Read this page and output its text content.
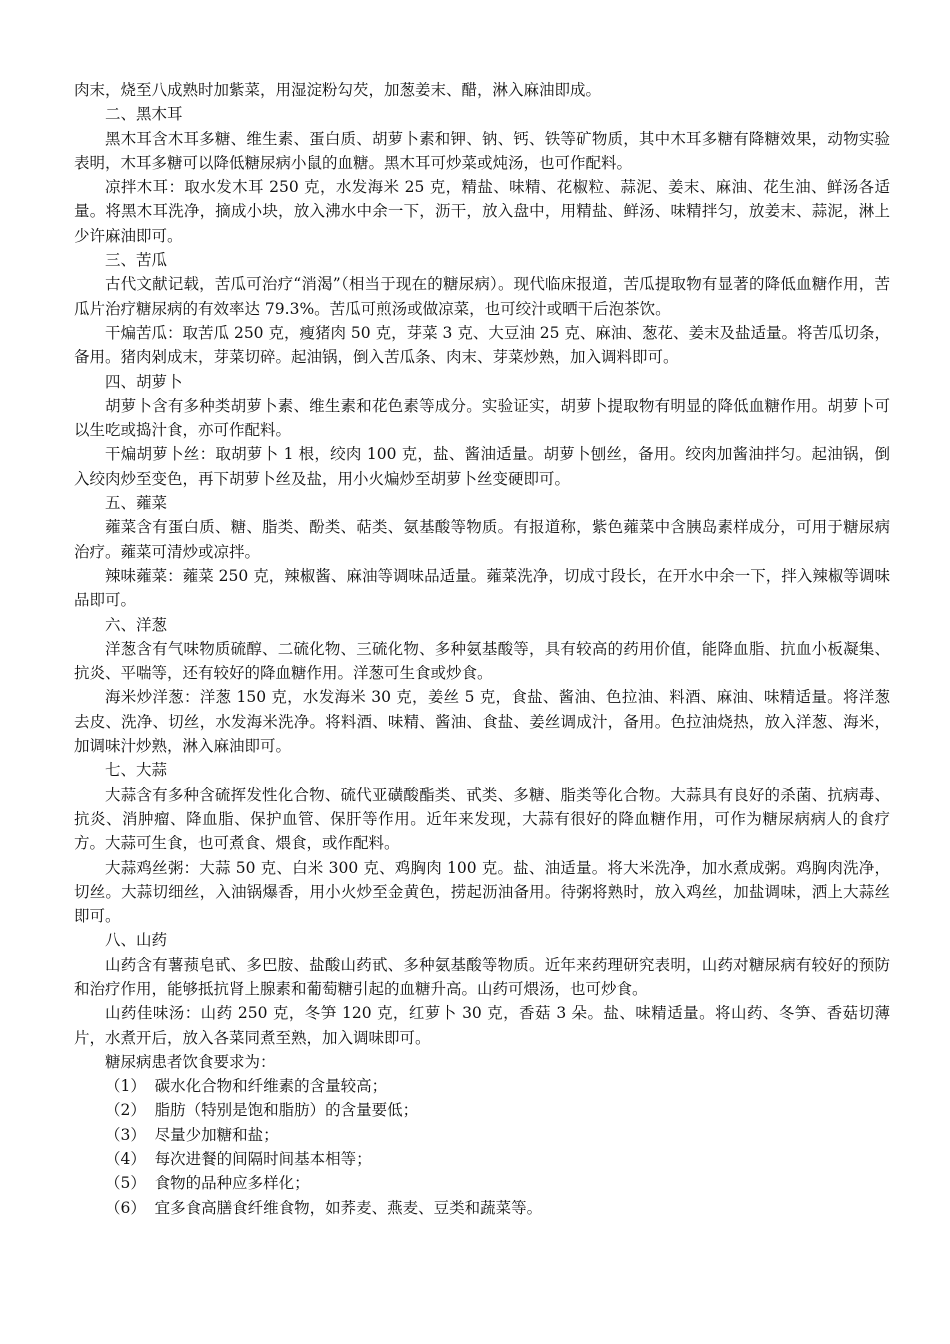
肉末，烧至八成熟时加紫菜，用湿淀粉勾芡，加葱姜末、醋，淋入麻油即成。

二、黑木耳

黑木耳含木耳多糖、维生素、蛋白质、胡萝卜素和钾、钠、钙、铁等矿物质，其中木耳多糖有降糖效果，动物实验表明，木耳多糖可以降低糖尿病小鼠的血糖。黑木耳可炒菜或炖汤，也可作配料。

凉拌木耳：取水发木耳 250 克，水发海米 25 克，精盐、味精、花椒粒、蒜泥、姜末、麻油、花生油、鲜汤各适量。将黑木耳洗净，摘成小块，放入沸水中余一下，沥干，放入盘中，用精盐、鲜汤、味精拌匀，放姜末、蒜泥，淋上少许麻油即可。

三、苦瓜

古代文献记载，苦瓜可治疗“消渴”（相当于现在的糖尿病）。现代临床报道，苦瓜提取物有显著的降低血糖作用，苦瓜片治疗糖尿病的有效率达 79.3%。苦瓜可煎汤或做凉菜，也可绞汁或晒干后泡茶饮。

干煸苦瓜：取苦瓜 250 克，瘦猪肉 50 克，芽菜 3 克、大豆油 25 克、麻油、葱花、姜末及盐适量。将苦瓜切条，备用。猪肉剁成末，芽菜切碎。起油锅，倒入苦瓜条、肉末、芽菜炒熟，加入调料即可。

四、胡萝卜

胡萝卜含有多种类胡萝卜素、维生素和花色素等成分。实验证实，胡萝卜提取物有明显的降低血糖作用。胡萝卜可以生吃或捣汁食，亦可作配料。

干煸胡萝卜丝：取胡萝卜 1 根，绞肉 100 克，盐、酱油适量。胡萝卜刨丝，备用。绞肉加酱油拌匀。起油锅，倒入绞肉炒至变色，再下胡萝卜丝及盐，用小火煸炒至胡萝卜丝变硬即可。

五、蕹菜

蕹菜含有蛋白质、糖、脂类、酚类、萜类、氨基酸等物质。有报道称，紫色蕹菜中含胰岛素样成分，可用于糖尿病治疗。蕹菜可清炒或凉拌。

辣味蕹菜：蕹菜 250 克，辣椒酱、麻油等调味品适量。蕹菜洗净，切成寸段长，在开水中余一下，拌入辣椒等调味品即可。

六、洋葱

洋葱含有气味物质硫醇、二硫化物、三硫化物、多种氨基酸等，具有较高的药用价值，能降血脂、抗血小板凝集、抗炎、平喘等，还有较好的降血糖作用。洋葱可生食或炒食。

海米炒洋葱：洋葱 150 克，水发海米 30 克，姜丝 5 克，食盐、酱油、色拉油、料酒、麻油、味精适量。将洋葱去皮、洗净、切丝，水发海米洗净。将料酒、味精、酱油、食盐、姜丝调成汁，备用。色拉油烧热，放入洋葱、海米，加调味汁炒熟，淋入麻油即可。

七、大蒜

大蒜含有多种含硫挥发性化合物、硫代亚磺酸酯类、甙类、多糖、脂类等化合物。大蒜具有良好的杀菌、抗病毒、抗炎、消肿瘤、降血脂、保护血管、保肝等作用。近年来发现，大蒜有很好的降血糖作用，可作为糖尿病病人的食疗方。大蒜可生食，也可煮食、煨食，或作配料。

大蒜鸡丝粥：大蒜 50 克、白米 300 克、鸡胸肉 100 克。盐、油适量。将大米洗净，加水煮成粥。鸡胸肉洗净，切丝。大蒜切细丝，入油锅爆香，用小火炒至金黄色，捞起沥油备用。待粥将熟时，放入鸡丝，加盐调味，洒上大蒜丝即可。

八、山药

山药含有薯蓣皂甙、多巴胺、盐酸山药甙、多种氨基酸等物质。近年来药理研究表明，山药对糖尿病有较好的预防和治疗作用，能够抵抗肾上腺素和葡萄糖引起的血糖升高。山药可煨汤，也可炒食。

山药佳味汤：山药 250 克，冬笋 120 克，红萝卜 30 克，香菇 3 朵。盐、味精适量。将山药、冬笋、香菇切薄片，水煮开后，放入各菜同煮至熟，加入调味即可。

糖尿病患者饮食要求为：

（1） 碳水化合物和纤维素的含量较高；

（2） 脂肪（特别是饱和脂肪）的含量要低；

（3） 尽量少加糖和盐；

（4） 每次进餐的间隔时间基本相等；

（5） 食物的品种应多样化；

（6） 宜多食高膳食纤维食物，如荞麦、燕麦、豆类和蔬菜等。
